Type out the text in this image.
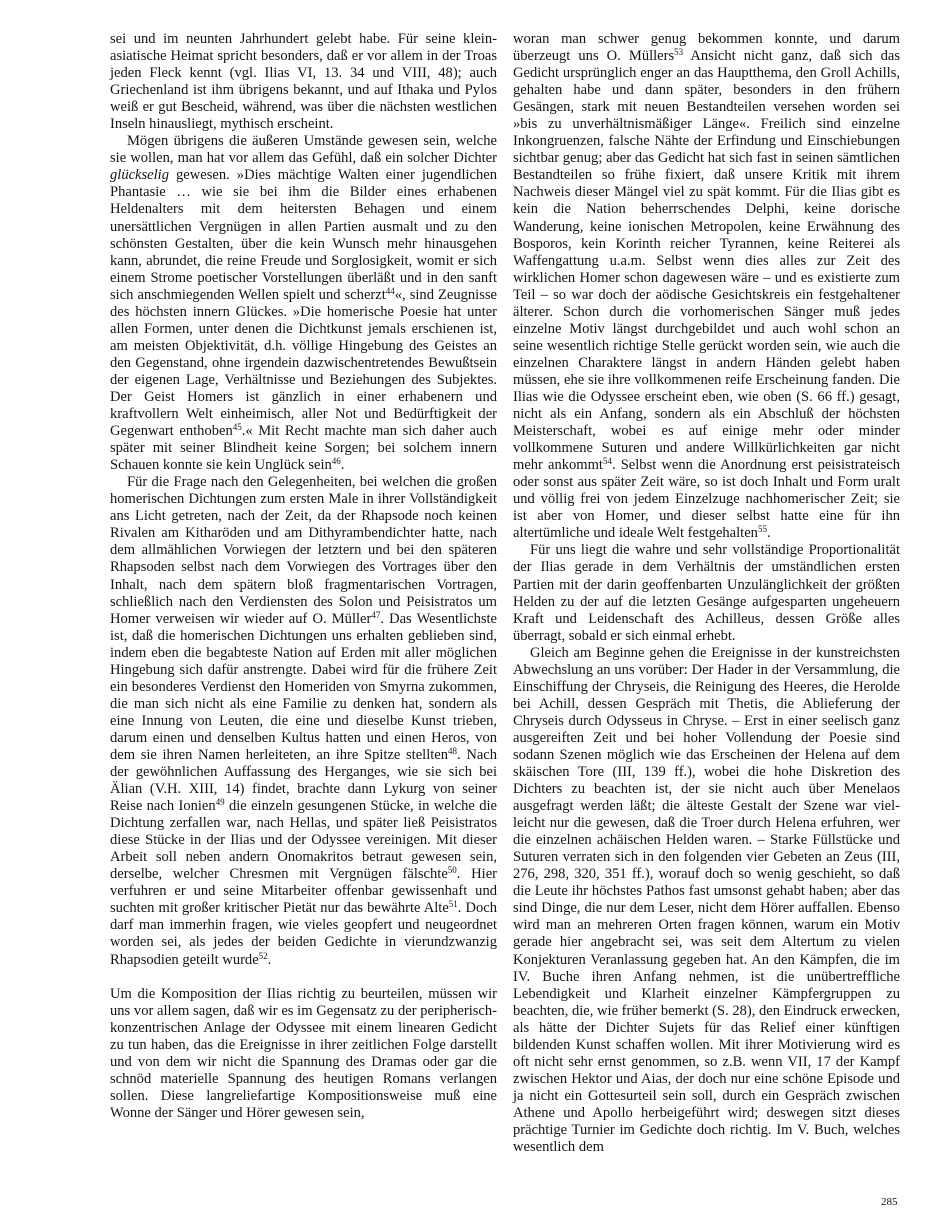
sei und im neunten Jahrhundert gelebt habe. Für seine kleinasiatische Heimat spricht besonders, daß er vor allem in der Troas jeden Fleck kennt (vgl. Ilias VI, 13. 34 und VIII, 48); auch Griechenland ist ihm übrigens bekannt, und auf Ithaka und Pylos weiß er gut Bescheid, während, was über die nächsten westlichen Inseln hinausliegt, mythisch erscheint.

Mögen übrigens die äußeren Umstände gewesen sein, welche sie wollen, man hat vor allem das Gefühl, daß ein solcher Dichter glückselig gewesen. »Dies mächtige Walten einer jugendlichen Phantasie … wie sie bei ihm die Bilder eines erhabenen Heldenalters mit dem heitersten Behagen und einem unersättlichen Vergnügen in allen Partien ausmalt und zu den schönsten Gestalten, über die kein Wunsch mehr hinausgehen kann, abrundet, die reine Freude und Sorglosigkeit, womit er sich einem Strome poetischer Vorstellungen überläßt und in den sanft sich anschmiegenden Wellen spielt und scherzt$^{44}$«, sind Zeugnisse des höchsten innern Glückes. »Die homerische Poesie hat unter allen Formen, unter denen die Dichtkunst jemals erschienen ist, am meisten Objektivität, d.h. völlige Hingebung des Geistes an den Gegenstand, ohne irgendein dazwischentretendes Bewußtsein der eigenen Lage, Verhältnisse und Beziehungen des Subjektes. Der Geist Homers ist gänzlich in einer erhabenern und kraftvollern Welt einheimisch, aller Not und Bedürftigkeit der Gegenwart enthoben$^{45}$.« Mit Recht machte man sich daher auch später mit seiner Blindheit keine Sorgen; bei solchem innern Schauen konnte sie kein Unglück sein$^{46}$.

Für die Frage nach den Gelegenheiten, bei welchen die großen homerischen Dichtungen zum ersten Male in ihrer Vollständigkeit ans Licht getreten, nach der Zeit, da der Rhapsode noch keinen Rivalen am Kitharöden und am Dithyrambendichter hatte, nach dem allmählichen Vorwiegen der letztern und bei den späteren Rhapsoden selbst nach dem Vorwiegen des Vortrages über den Inhalt, nach dem spätern bloß fragmentarischen Vortragen, schließlich nach den Verdiensten des Solon und Peisistratos um Homer verweisen wir wieder auf O. Müller$^{47}$. Das Wesentlichste ist, daß die homerischen Dichtungen uns erhalten geblieben sind, indem eben die begabteste Nation auf Erden mit aller möglichen Hingebung sich dafür anstrengte. Dabei wird für die frühere Zeit ein besonderes Verdienst den Homeriden von Smyrna zukommen, die man sich nicht als eine Familie zu denken hat, sondern als eine Innung von Leuten, die eine und dieselbe Kunst trieben, darum einen und denselben Kultus hatten und einen Heros, von dem sie ihren Namen herleiteten, an ihre Spitze stellten$^{48}$. Nach der gewöhnlichen Auffassung des Herganges, wie sie sich bei Älian (V.H. XIII, 14) findet, brachte dann Lykurg von seiner Reise nach Ionien$^{49}$ die einzeln gesungenen Stücke, in welche die Dichtung zerfallen war, nach Hellas, und später ließ Peisistratos diese Stücke in der Ilias und der Odyssee vereinigen. Mit dieser Arbeit soll neben andern Onomakritos betraut gewesen sein, derselbe, welcher Chresmen mit Vergnügen fälschte$^{50}$. Hier verfuhren er und seine Mitarbeiter offenbar gewissenhaft und suchten mit großer kritischer Pietät nur das bewährte Alte$^{51}$. Doch darf man immerhin fragen, wie vieles geopfert und neugeordnet worden sei, als jedes der beiden Gedichte in vierundzwanzig Rhapsodien geteilt wurde$^{52}$.

Um die Komposition der Ilias richtig zu beurteilen, müssen wir uns vor allem sagen, daß wir es im Gegensatz zu der peripherisch-konzentrischen Anlage der Odyssee mit einem linearen Gedicht zu tun haben, das die Ereignisse in ihrer zeitlichen Folge darstellt und von dem wir nicht die Spannung des Dramas oder gar die schnöd materielle Spannung des heutigen Romans verlangen sollen. Diese langreliefartige Kompositionsweise muß eine Wonne der Sänger und Hörer gewesen sein,

woran man schwer genug bekommen konnte, und darum überzeugt uns O. Müllers$^{53}$ Ansicht nicht ganz, daß sich das Gedicht ursprünglich enger an das Hauptthema, den Groll Achills, gehalten habe und dann später, besonders in den frühern Gesängen, stark mit neuen Bestandteilen versehen worden sei »bis zu unverhältnismäßiger Länge«. Freilich sind einzelne Inkongruenzen, falsche Nähte der Erfindung und Einschiebungen sichtbar genug; aber das Gedicht hat sich fast in seinen sämtlichen Bestandteilen so frühe fixiert, daß unsere Kritik mit ihrem Nachweis dieser Mängel viel zu spät kommt. Für die Ilias gibt es kein die Nation beherrschendes Delphi, keine dorische Wanderung, keine ionischen Metropolen, keine Erwähnung des Bosporos, kein Korinth reicher Tyrannen, keine Reiterei als Waffengattung u.a.m. Selbst wenn dies alles zur Zeit des wirklichen Homer schon dagewesen wäre – und es existierte zum Teil – so war doch der aödische Gesichtskreis ein festgehaltener älterer. Schon durch die vorhomerischen Sänger muß jedes einzelne Motiv längst durchgebildet und auch wohl schon an seine wesentlich richtige Stelle gerückt worden sein, wie auch die einzelnen Charaktere längst in andern Händen gelebt haben müssen, ehe sie ihre vollkommenen reife Erscheinung fanden. Die Ilias wie die Odyssee erscheint eben, wie oben (S. 66 ff.) gesagt, nicht als ein Anfang, sondern als ein Abschluß der höchsten Meisterschaft, wobei es auf einige mehr oder minder vollkommene Suturen und andere Willkürlichkeiten gar nicht mehr ankommt$^{54}$. Selbst wenn die Anordnung erst peisistrateisch oder sonst aus später Zeit wäre, so ist doch Inhalt und Form uralt und völlig frei von jedem Einzelzuge nachhomerischer Zeit; sie ist aber von Homer, und dieser selbst hatte eine für ihn altertümliche und ideale Welt festgehalten$^{55}$.

Für uns liegt die wahre und sehr vollständige Proportionalität der Ilias gerade in dem Verhältnis der umständlichen ersten Partien mit der darin geoffenbarten Unzulänglichkeit der größten Helden zu der auf die letzten Gesänge aufgesparten ungeheuern Kraft und Leidenschaft des Achilleus, dessen Größe alles überragt, sobald er sich einmal erhebt.

Gleich am Beginne gehen die Ereignisse in der kunstreichsten Abwechslung an uns vorüber: Der Hader in der Versammlung, die Einschiffung der Chryseis, die Reinigung des Heeres, die Herolde bei Achill, dessen Gespräch mit Thetis, die Ablieferung der Chryseis durch Odysseus in Chryse. – Erst in einer seelisch ganz ausgereiften Zeit und bei hoher Vollendung der Poesie sind sodann Szenen möglich wie das Erscheinen der Helena auf dem skäischen Tore (III, 139 ff.), wobei die hohe Diskretion des Dichters zu beachten ist, der sie nicht auch über Menelaos ausgefragt werden läßt; die älteste Gestalt der Szene war vielleicht nur die gewesen, daß die Troer durch Helena erfuhren, wer die einzelnen achäischen Helden waren. – Starke Füllstücke und Suturen verraten sich in den folgenden vier Gebeten an Zeus (III, 276, 298, 320, 351 ff.), worauf doch so wenig geschieht, so daß die Leute ihr höchstes Pathos fast umsonst gehabt haben; aber das sind Dinge, die nur dem Leser, nicht dem Hörer auffallen. Ebenso wird man an mehreren Orten fragen können, warum ein Motiv gerade hier angebracht sei, was seit dem Altertum zu vielen Konjekturen Veranlassung gegeben hat. An den Kämpfen, die im IV. Buche ihren Anfang nehmen, ist die unübertreffliche Lebendigkeit und Klarheit einzelner Kämpfergruppen zu beachten, die, wie früher bemerkt (S. 28), den Eindruck erwecken, als hätte der Dichter Sujets für das Relief einer künftigen bildenden Kunst schaffen wollen. Mit ihrer Motivierung wird es oft nicht sehr ernst genommen, so z.B. wenn VII, 17 der Kampf zwischen Hektor und Aias, der doch nur eine schöne Episode und ja nicht ein Gottesurteil sein soll, durch ein Gespräch zwischen Athene und Apollo herbeigeführt wird; deswegen sitzt dieses prächtige Turnier im Gedichte doch richtig. Im V. Buch, welches wesentlich dem

285
